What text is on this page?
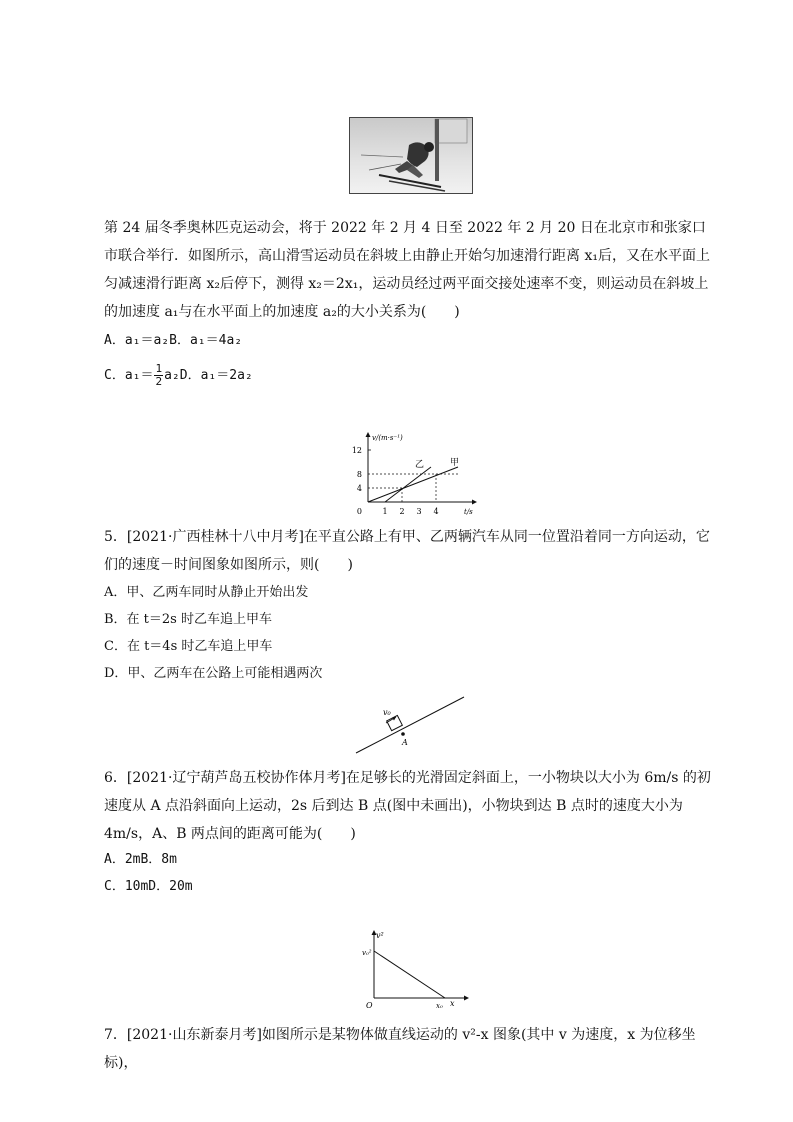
第 24 届冬季奥林匹克运动会，将于 2022 年 2 月 4 日至 2022 年 2 月 20 日在北京市和张家口市联合举行．如图所示，高山滑雪运动员在斜坡上由静止开始匀加速滑行距离 x₁后，又在水平面上匀减速滑行距离 x₂后停下，测得 x₂＝2x₁，运动员经过两平面交接处速率不变，则运动员在斜坡上的加速度 a₁与在水平面上的加速度 a₂的大小关系为(　　)
A．a₁＝a₂B．a₁＝4a₂
C．$a_1= \frac{1}{2} a_2D$．a₁＝2a₂
12
8
4
0	1 2 3 4
v/(m·s⁻¹)
t/s
乙	甲
5．[2021·广西桂林十八中月考]在平直公路上有甲、乙两辆汽车从同一位置沿着同一方向运动，它们的速度－时间图象如图所示，则(　　)
A．甲、乙两车同时从静止开始出发
B．在 t＝2s 时乙车追上甲车
C．在 t＝4s 时乙车追上甲车
D．甲、乙两车在公路上可能相遇两次
v₀
A
6．[2021·辽宁葫芦岛五校协作体月考]在足够长的光滑固定斜面上，一小物块以大小为 6m/s 的初速度从 A 点沿斜面向上运动，2s 后到达 B 点(图中未画出)，小物块到达 B 点时的速度大小为 4m/s，A、B 两点间的距离可能为(　　)
A．2mB．8m
C．10mD．20m
v²
x
O
v₀²
x₀
7．[2021·山东新泰月考]如图所示是某物体做直线运动的 v²-x 图象(其中 v 为速度，x 为位移坐标)，
